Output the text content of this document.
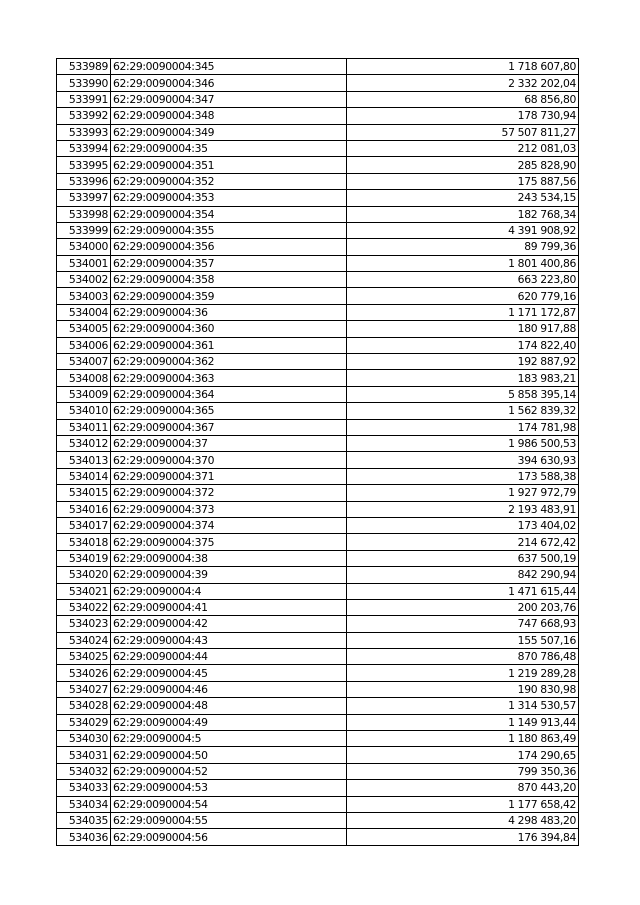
533989	62:29:0090004:345	1 718 607,80
533990	62:29:0090004:346	2 332 202,04
533991	62:29:0090004:347	68 856,80
533992	62:29:0090004:348	178 730,94
533993	62:29:0090004:349	57 507 811,27
533994	62:29:0090004:35	212 081,03
533995	62:29:0090004:351	285 828,90
533996	62:29:0090004:352	175 887,56
533997	62:29:0090004:353	243 534,15
533998	62:29:0090004:354	182 768,34
533999	62:29:0090004:355	4 391 908,92
534000	62:29:0090004:356	89 799,36
534001	62:29:0090004:357	1 801 400,86
534002	62:29:0090004:358	663 223,80
534003	62:29:0090004:359	620 779,16
534004	62:29:0090004:36	1 171 172,87
534005	62:29:0090004:360	180 917,88
534006	62:29:0090004:361	174 822,40
534007	62:29:0090004:362	192 887,92
534008	62:29:0090004:363	183 983,21
534009	62:29:0090004:364	5 858 395,14
534010	62:29:0090004:365	1 562 839,32
534011	62:29:0090004:367	174 781,98
534012	62:29:0090004:37	1 986 500,53
534013	62:29:0090004:370	394 630,93
534014	62:29:0090004:371	173 588,38
534015	62:29:0090004:372	1 927 972,79
534016	62:29:0090004:373	2 193 483,91
534017	62:29:0090004:374	173 404,02
534018	62:29:0090004:375	214 672,42
534019	62:29:0090004:38	637 500,19
534020	62:29:0090004:39	842 290,94
534021	62:29:0090004:4	1 471 615,44
534022	62:29:0090004:41	200 203,76
534023	62:29:0090004:42	747 668,93
534024	62:29:0090004:43	155 507,16
534025	62:29:0090004:44	870 786,48
534026	62:29:0090004:45	1 219 289,28
534027	62:29:0090004:46	190 830,98
534028	62:29:0090004:48	1 314 530,57
534029	62:29:0090004:49	1 149 913,44
534030	62:29:0090004:5	1 180 863,49
534031	62:29:0090004:50	174 290,65
534032	62:29:0090004:52	799 350,36
534033	62:29:0090004:53	870 443,20
534034	62:29:0090004:54	1 177 658,42
534035	62:29:0090004:55	4 298 483,20
534036	62:29:0090004:56	176 394,84
